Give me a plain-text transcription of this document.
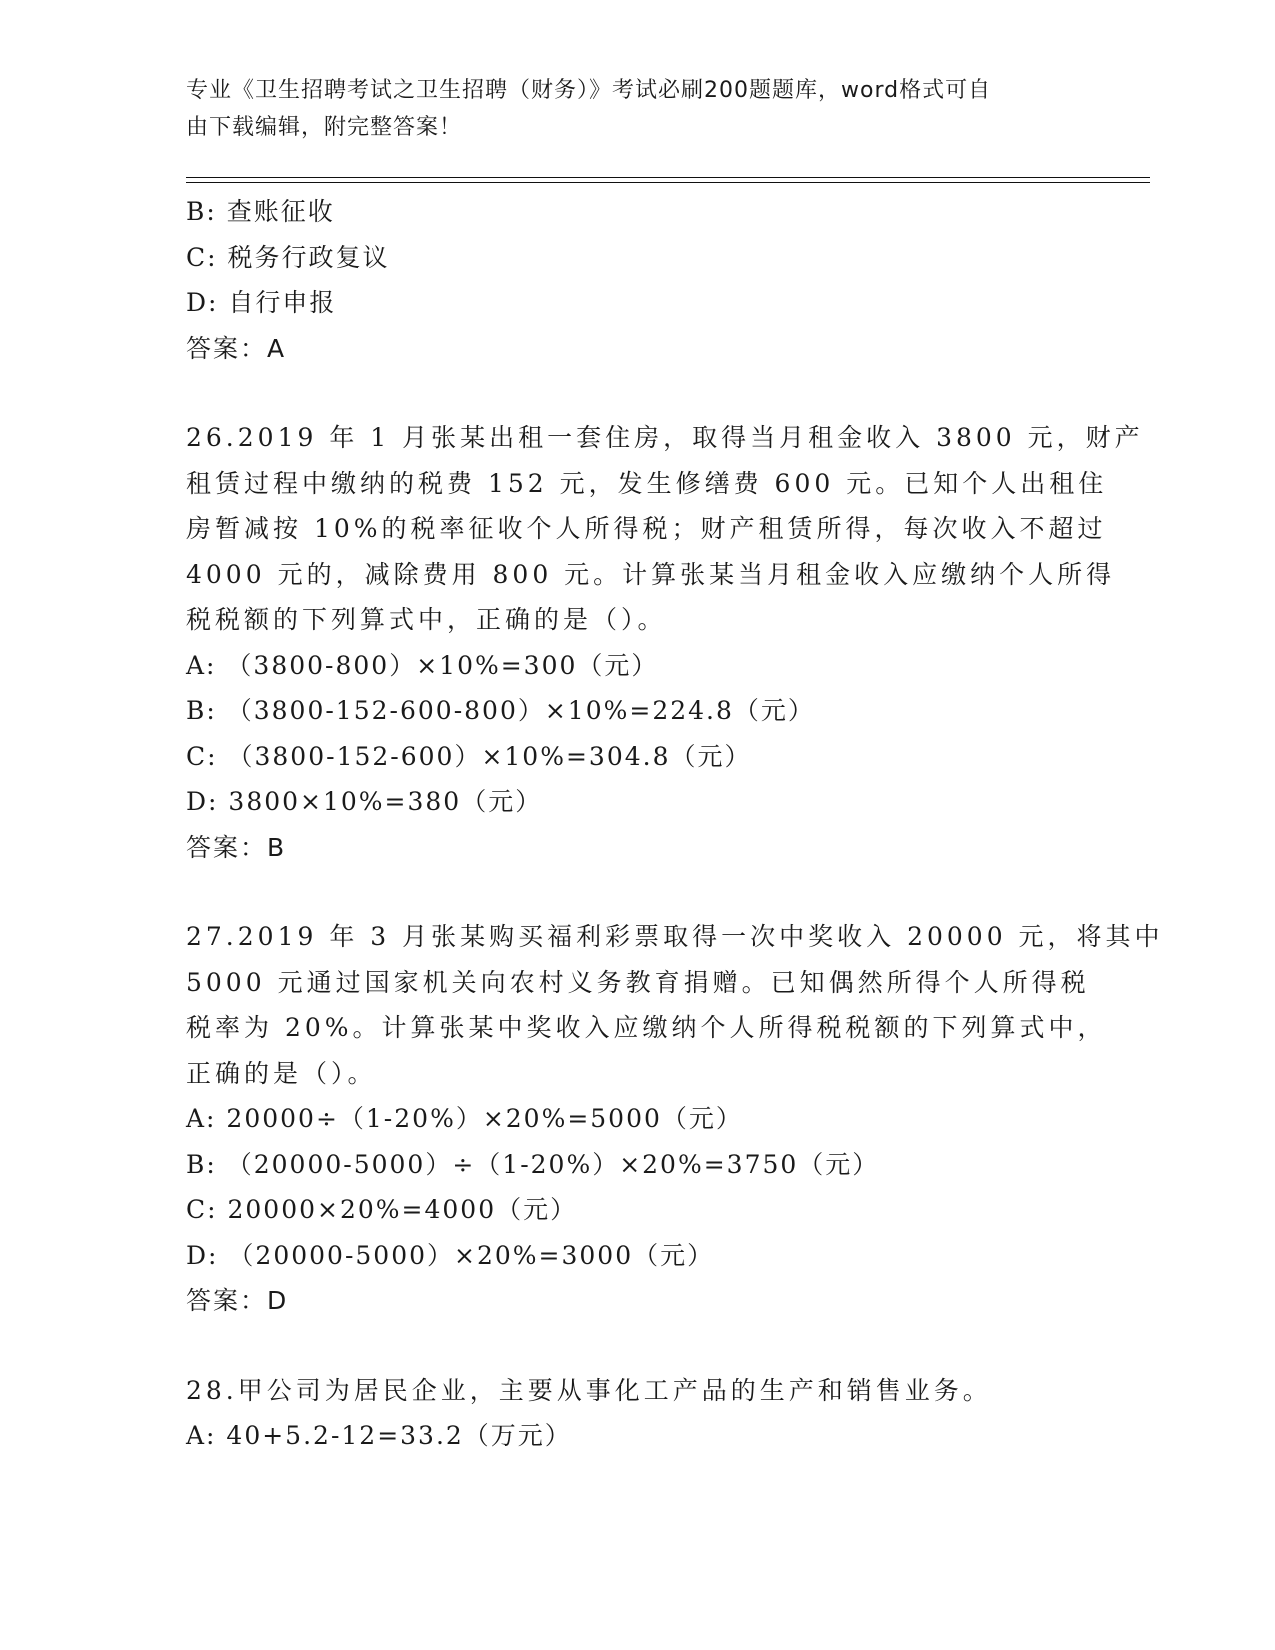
专业《卫生招聘考试之卫生招聘（财务）》考试必刷200题题库，word格式可自
由下载编辑，附完整答案！
B: 查账征收
C: 税务行政复议
D: 自行申报
答案：A
26.2019 年 1 月张某出租一套住房，取得当月租金收入 3800 元，财产
租赁过程中缴纳的税费 152 元，发生修缮费 600 元。已知个人出租住
房暂减按 10%的税率征收个人所得税；财产租赁所得，每次收入不超过
4000 元的，减除费用 800 元。计算张某当月租金收入应缴纳个人所得
税税额的下列算式中，正确的是（）。
A: （3800-800）×10%=300（元）
B: （3800-152-600-800）×10%=224.8（元）
C: （3800-152-600）×10%=304.8（元）
D: 3800×10%=380（元）
答案：B
27.2019 年 3 月张某购买福利彩票取得一次中奖收入 20000 元，将其中
5000 元通过国家机关向农村义务教育捐赠。已知偶然所得个人所得税
税率为 20%。计算张某中奖收入应缴纳个人所得税税额的下列算式中，
正确的是（）。
A: 20000÷（1-20%）×20%=5000（元）
B: （20000-5000）÷（1-20%）×20%=3750（元）
C: 20000×20%=4000（元）
D: （20000-5000）×20%=3000（元）
答案：D
28.甲公司为居民企业，主要从事化工产品的生产和销售业务。
A: 40+5.2-12=33.2（万元）
